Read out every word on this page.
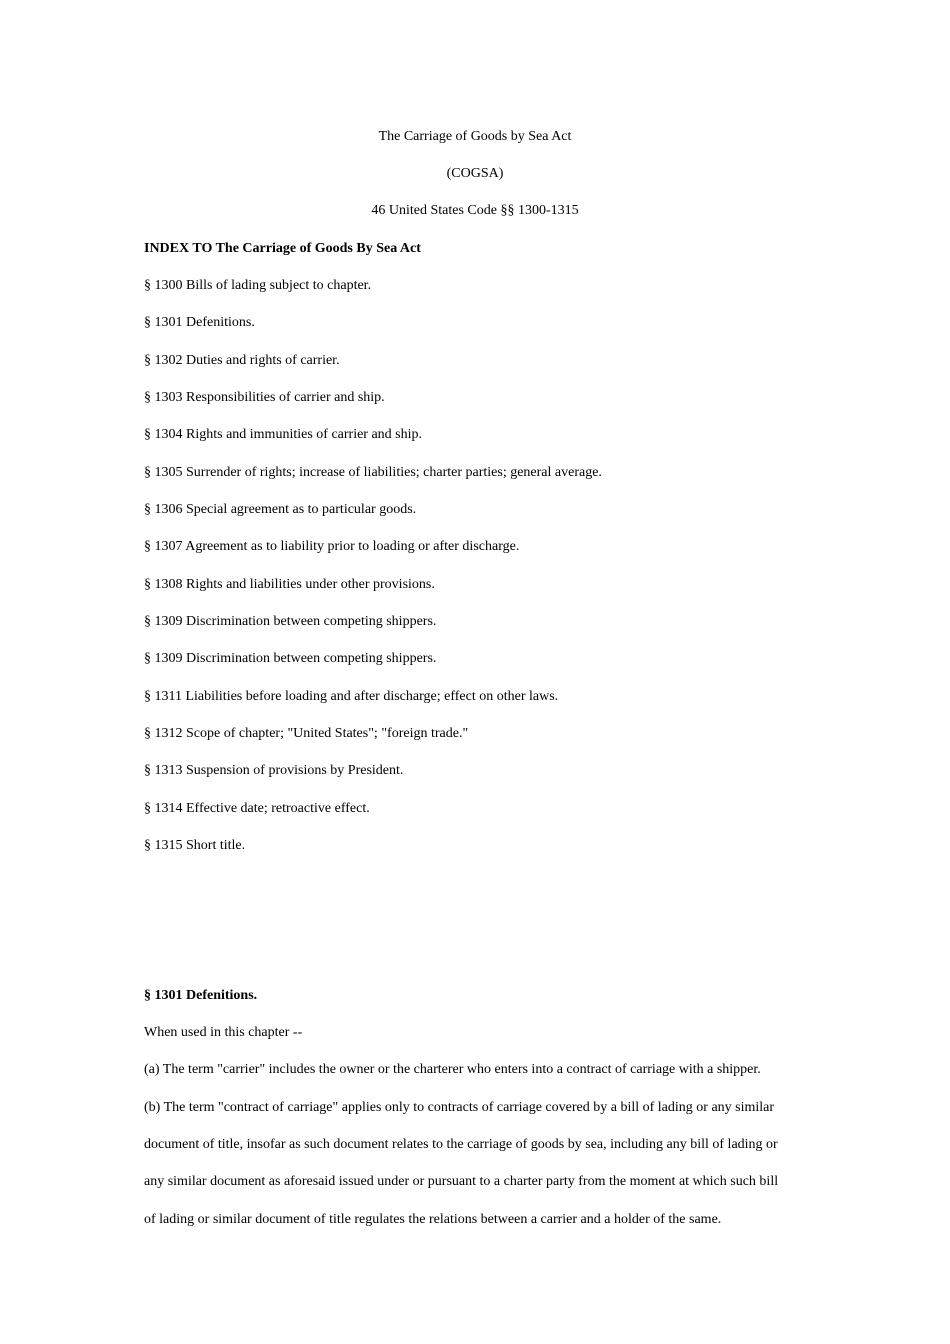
The Carriage of Goods by Sea Act
(COGSA)
46 United States Code §§ 1300-1315
INDEX TO The Carriage of Goods By Sea Act
§ 1300 Bills of lading subject to chapter.
§ 1301 Defenitions.
§ 1302 Duties and rights of carrier.
§ 1303 Responsibilities of carrier and ship.
§ 1304 Rights and immunities of carrier and ship.
§ 1305 Surrender of rights; increase of liabilities; charter parties; general average.
§ 1306 Special agreement as to particular goods.
§ 1307 Agreement as to liability prior to loading or after discharge.
§ 1308 Rights and liabilities under other provisions.
§ 1309 Discrimination between competing shippers.
§ 1309 Discrimination between competing shippers.
§ 1311 Liabilities before loading and after discharge; effect on other laws.
§ 1312 Scope of chapter; "United States"; "foreign trade."
§ 1313 Suspension of provisions by President.
§ 1314 Effective date; retroactive effect.
§ 1315 Short title.
§ 1301 Defenitions.
When used in this chapter --
(a) The term "carrier" includes the owner or the charterer who enters into a contract of carriage with a shipper.
(b) The term "contract of carriage" applies only to contracts of carriage covered by a bill of lading or any similar
document of title, insofar as such document relates to the carriage of goods by sea, including any bill of lading or
any similar document as aforesaid issued under or pursuant to a charter party from the moment at which such bill
of lading or similar document of title regulates the relations between a carrier and a holder of the same.
